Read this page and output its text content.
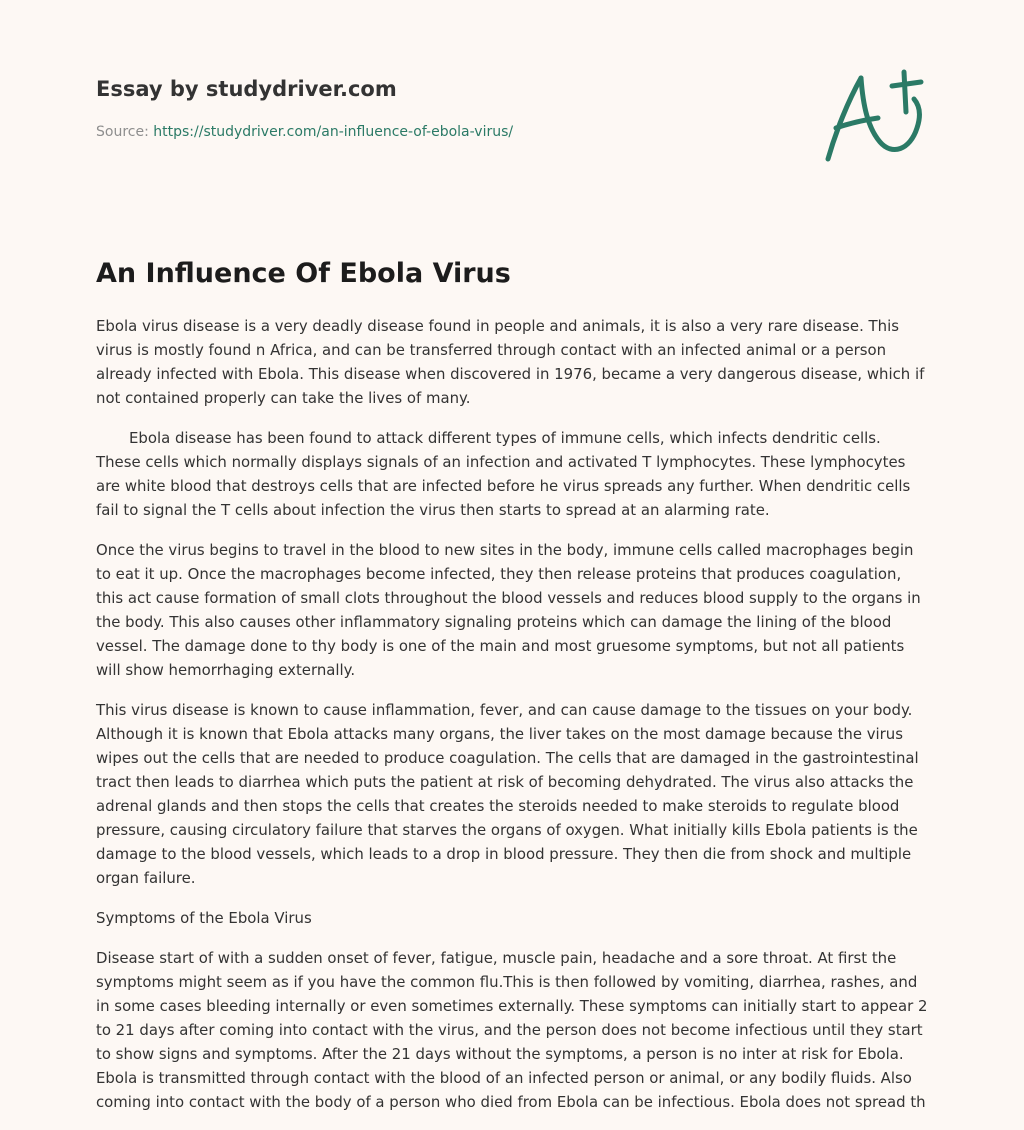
Essay by studydriver.com
Source: https://studydriver.com/an-influence-of-ebola-virus/
An Influence Of Ebola Virus

Ebola virus disease is a very deadly disease found in people and animals, it is also a very rare disease. This virus is mostly found n Africa, and can be transferred through contact with an infected animal or a person already infected with Ebola. This disease when discovered in 1976, became a very dangerous disease, which if not contained properly can take the lives of many.

Ebola disease has been found to attack different types of immune cells, which infects dendritic cells. These cells which normally displays signals of an infection and activated T lymphocytes. These lymphocytes are white blood that destroys cells that are infected before he virus spreads any further. When dendritic cells fail to signal the T cells about infection the virus then starts to spread at an alarming rate.

Once the virus begins to travel in the blood to new sites in the body, immune cells called macrophages begin to eat it up. Once the macrophages become infected, they then release proteins that produces coagulation, this act cause formation of small clots throughout the blood vessels and reduces blood supply to the organs in the body. This also causes other inflammatory signaling proteins which can damage the lining of the blood vessel. The damage done to thy body is one of the main and most gruesome symptoms, but not all patients will show hemorrhaging externally.

This virus disease is known to cause inflammation, fever, and can cause damage to the tissues on your body. Although it is known that Ebola attacks many organs, the liver takes on the most damage because the virus wipes out the cells that are needed to produce coagulation. The cells that are damaged in the gastrointestinal tract then leads to diarrhea which puts the patient at risk of becoming dehydrated. The virus also attacks the adrenal glands and then stops the cells that creates the steroids needed to make steroids to regulate blood pressure, causing circulatory failure that starves the organs of oxygen. What initially kills Ebola patients is the damage to the blood vessels, which leads to a drop in blood pressure. They then die from shock and multiple organ failure.

Symptoms of the Ebola Virus

Disease start of with a sudden onset of fever, fatigue, muscle pain, headache and a sore throat. At first the symptoms might seem as if you have the common flu.This is then followed by vomiting, diarrhea, rashes, and in some cases bleeding internally or even sometimes externally. These symptoms can initially start to appear 2 to 21 days after coming into contact with the virus, and the person does not become infectious until they start to show signs and symptoms. After the 21 days without the symptoms, a person is no inter at risk for Ebola. Ebola is transmitted through contact with the blood of an infected person or animal, or any bodily fluids. Also coming into contact with the body of a person who died from Ebola can be infectious. Ebola does not spread th
